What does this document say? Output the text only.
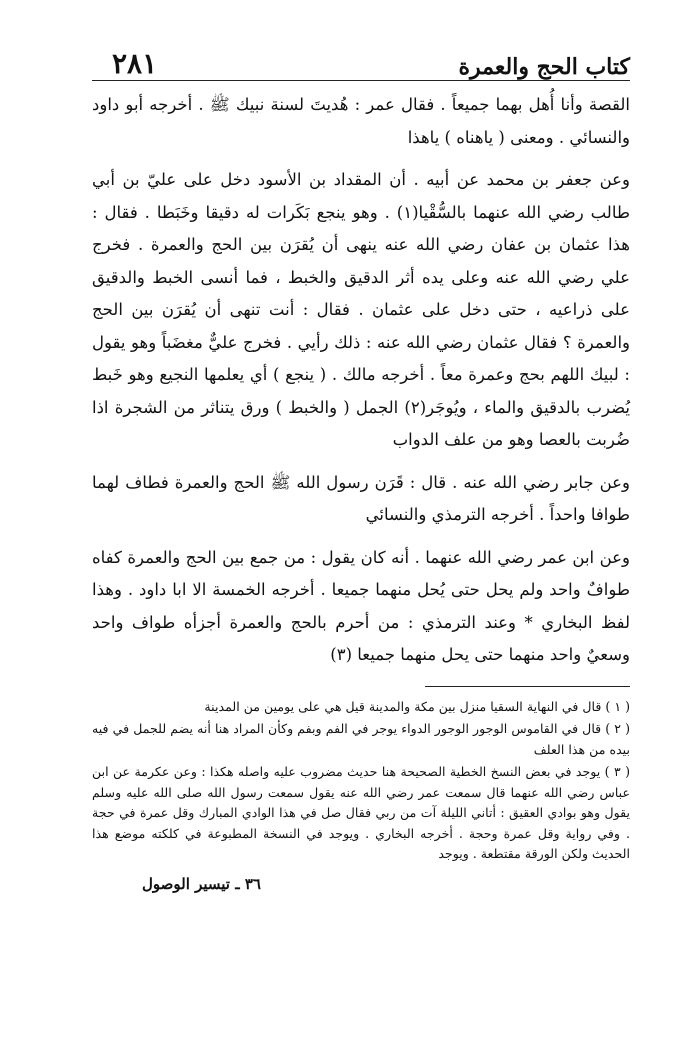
كتاب الحج والعمرة
٢٨١

القصة وأنا أُهل بهما جميعاً . فقال عمر : هُديتَ لسنة نبيك ﷺ . أخرجه أبو داود والنسائي . ومعنى ( ياهناه ) ياهذا

وعن جعفر بن محمد عن أبيه . أن المقداد بن الأسود دخل على عليّ بن أبي طالب رضي الله عنهما بالسُّقْيا(١) . وهو ينجع بَكَرات له دقيقا وخَبَطا . فقال : هذا عثمان بن عفان رضي الله عنه ينهى أن يُقرَن بين الحج والعمرة . فخرج علي رضي الله عنه وعلى يده أثر الدقيق والخبط ، فما أنسى الخبط والدقيق على ذراعيه ، حتى دخل على عثمان . فقال : أنت تنهى أن يُقرَن بين الحج والعمرة ؟ فقال عثمان رضي الله عنه : ذلك رأيي . فخرج عليٌّ مغضَباً وهو يقول : لبيك اللهم بحج وعمرة معاً . أخرجه مالك . ( ينجع ) أي يعلمها النجيع وهو خَبط يُضرب بالدقيق والماء ، ويُوجَر(٢) الجمل ( والخبط ) ورق يتناثر من الشجرة اذا ضُربت بالعصا وهو من علف الدواب

وعن جابر رضي الله عنه . قال : قَرَن رسول الله ﷺ الحج والعمرة فطاف لهما طوافا واحداً . أخرجه الترمذي والنسائي

وعن ابن عمر رضي الله عنهما . أنه كان يقول : من جمع بين الحج والعمرة كفاه طوافٌ واحد ولم يحل حتى يُحل منهما جميعا . أخرجه الخمسة الا ابا داود . وهذا لفظ البخاري * وعند الترمذي : من أحرم بالحج والعمرة أجزأه طواف واحد وسعيٌ واحد منهما حتى يحل منهما جميعا (٣)

( ١ ) قال في النهاية السقيا منزل بين مكة والمدينة قيل هي على يومين من المدينة

( ٢ ) قال في القاموس الوجور الوجور الدواء يوجر في الفم وبفم وكأن المراد هنا أنه يضم للجمل في فيه بيده من هذا العلف

( ٣ ) يوجد في بعض النسخ الخطية الصحيحة هنا حديث مضروب عليه واصله هكذا : وعن عكرمة عن ابن عباس رضي الله عنهما قال سمعت عمر رضي الله عنه يقول سمعت رسول الله صلى الله عليه وسلم يقول وهو بوادي العقيق : أتاني الليلة آت من ربي فقال صل في هذا الوادي المبارك وقل عمرة في حجة . وفي رواية وقل عمرة وحجة . أخرجه البخاري . ويوجد في النسخة المطبوعة في كلكته موضع هذا الحديث ولكن الورقة مقتطعة . ويوجد

٣٦ ـ تيسير الوصول
